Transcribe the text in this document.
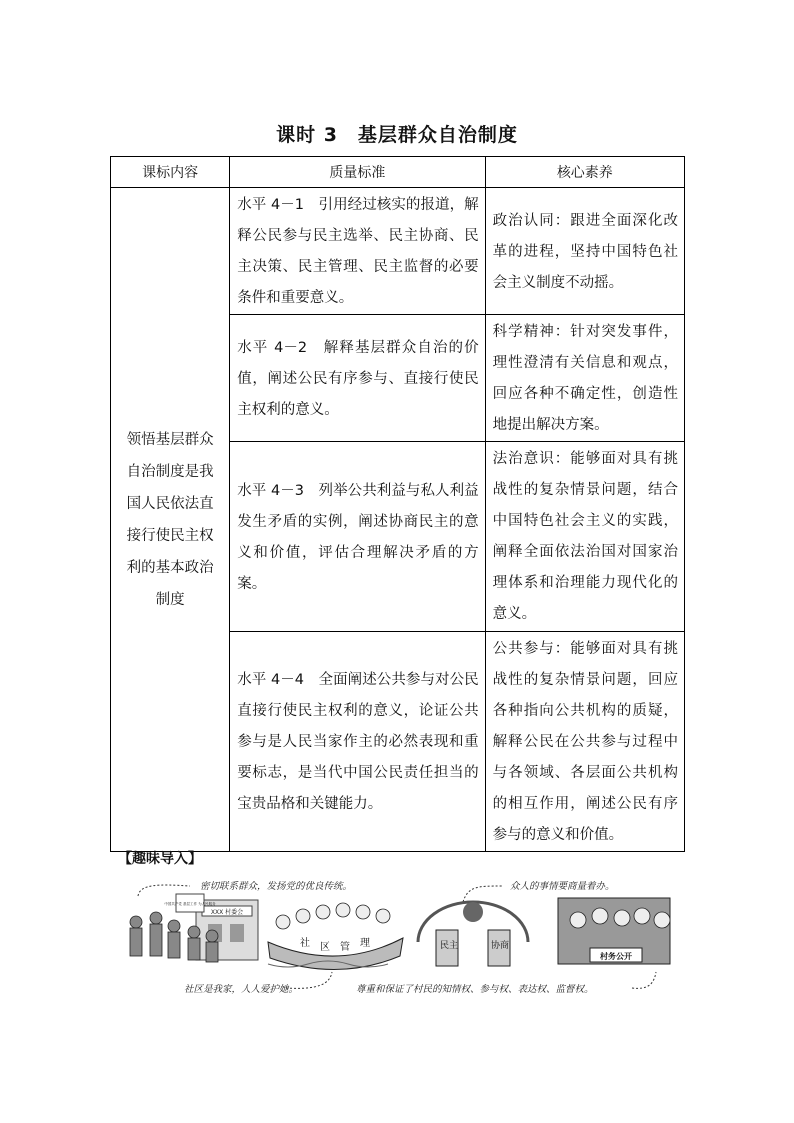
课时 3　基层群众自治制度
课标内容	质量标准	核心素养

领悟基层群众自治制度是我国人民依法直接行使民主权利的基本政治制度	水平 4－1　引用经过核实的报道，解释公民参与民主选举、民主协商、民主决策、民主管理、民主监督的必要条件和重要意义。	政治认同：跟进全面深化改革的进程，坚持中国特色社会主义制度不动摇。

	水平 4－2　解释基层群众自治的价值，阐述公民有序参与、直接行使民主权利的意义。	科学精神：针对突发事件，理性澄清有关信息和观点，回应各种不确定性，创造性地提出解决方案。

	水平 4－3　列举公共利益与私人利益发生矛盾的实例，阐述协商民主的意义和价值，评估合理解决矛盾的方案。	法治意识：能够面对具有挑战性的复杂情景问题，结合中国特色社会主义的实践，阐释全面依法治国对国家治理体系和治理能力现代化的意义。

	水平 4－4　全面阐述公共参与对公民直接行使民主权利的意义，论证公共参与是人民当家作主的必然表现和重要标志，是当代中国公民责任担当的宝贵品格和关键能力。	公共参与：能够面对具有挑战性的复杂情景问题，回应各种指向公共机构的质疑，解释公民在公共参与过程中与各领域、各层面公共机构的相互作用，阐述公民有序参与的意义和价值。
【趣味导入】
密切联系群众，发扬党的优良传统。	众人的事情要商量着办。
XXX 村委会
中国共产党 基层工作 为人民服务
社 区 管 理	民主	协商
村务公开
社区是我家，人人爱护她。	尊重和保证了村民的知情权、参与权、表达权、监督权。
